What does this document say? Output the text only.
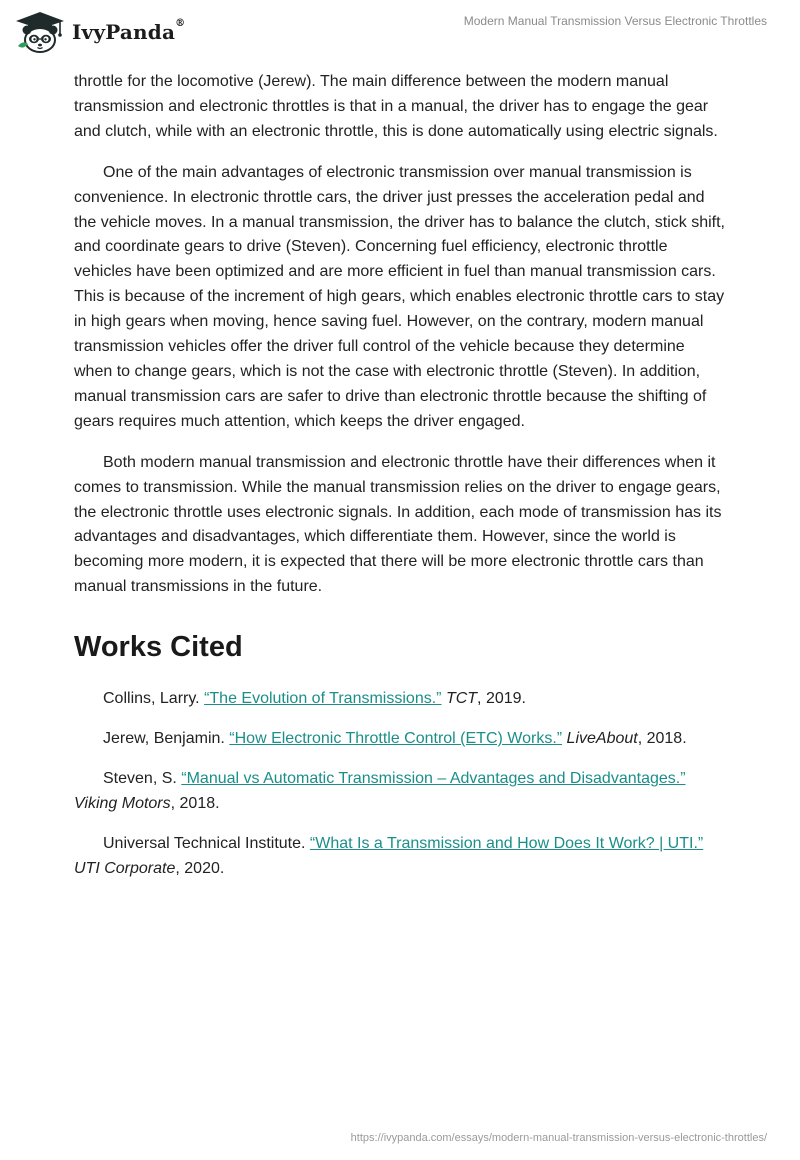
IvyPanda®	Modern Manual Transmission Versus Electronic Throttles

throttle for the locomotive (Jerew). The main difference between the modern manual transmission and electronic throttles is that in a manual, the driver has to engage the gear and clutch, while with an electronic throttle, this is done automatically using electric signals.

One of the main advantages of electronic transmission over manual transmission is convenience. In electronic throttle cars, the driver just presses the acceleration pedal and the vehicle moves. In a manual transmission, the driver has to balance the clutch, stick shift, and coordinate gears to drive (Steven). Concerning fuel efficiency, electronic throttle vehicles have been optimized and are more efficient in fuel than manual transmission cars. This is because of the increment of high gears, which enables electronic throttle cars to stay in high gears when moving, hence saving fuel. However, on the contrary, modern manual transmission vehicles offer the driver full control of the vehicle because they determine when to change gears, which is not the case with electronic throttle (Steven). In addition, manual transmission cars are safer to drive than electronic throttle because the shifting of gears requires much attention, which keeps the driver engaged.

Both modern manual transmission and electronic throttle have their differences when it comes to transmission. While the manual transmission relies on the driver to engage gears, the electronic throttle uses electronic signals. In addition, each mode of transmission has its advantages and disadvantages, which differentiate them. However, since the world is becoming more modern, it is expected that there will be more electronic throttle cars than manual transmissions in the future.

Works Cited

Collins, Larry. “The Evolution of Transmissions.” TCT, 2019.

Jerew, Benjamin. “How Electronic Throttle Control (ETC) Works.” LiveAbout, 2018.

Steven, S. “Manual vs Automatic Transmission – Advantages and Disadvantages.” Viking Motors, 2018.

Universal Technical Institute. “What Is a Transmission and How Does It Work? | UTI.” UTI Corporate, 2020.

https://ivypanda.com/essays/modern-manual-transmission-versus-electronic-throttles/
